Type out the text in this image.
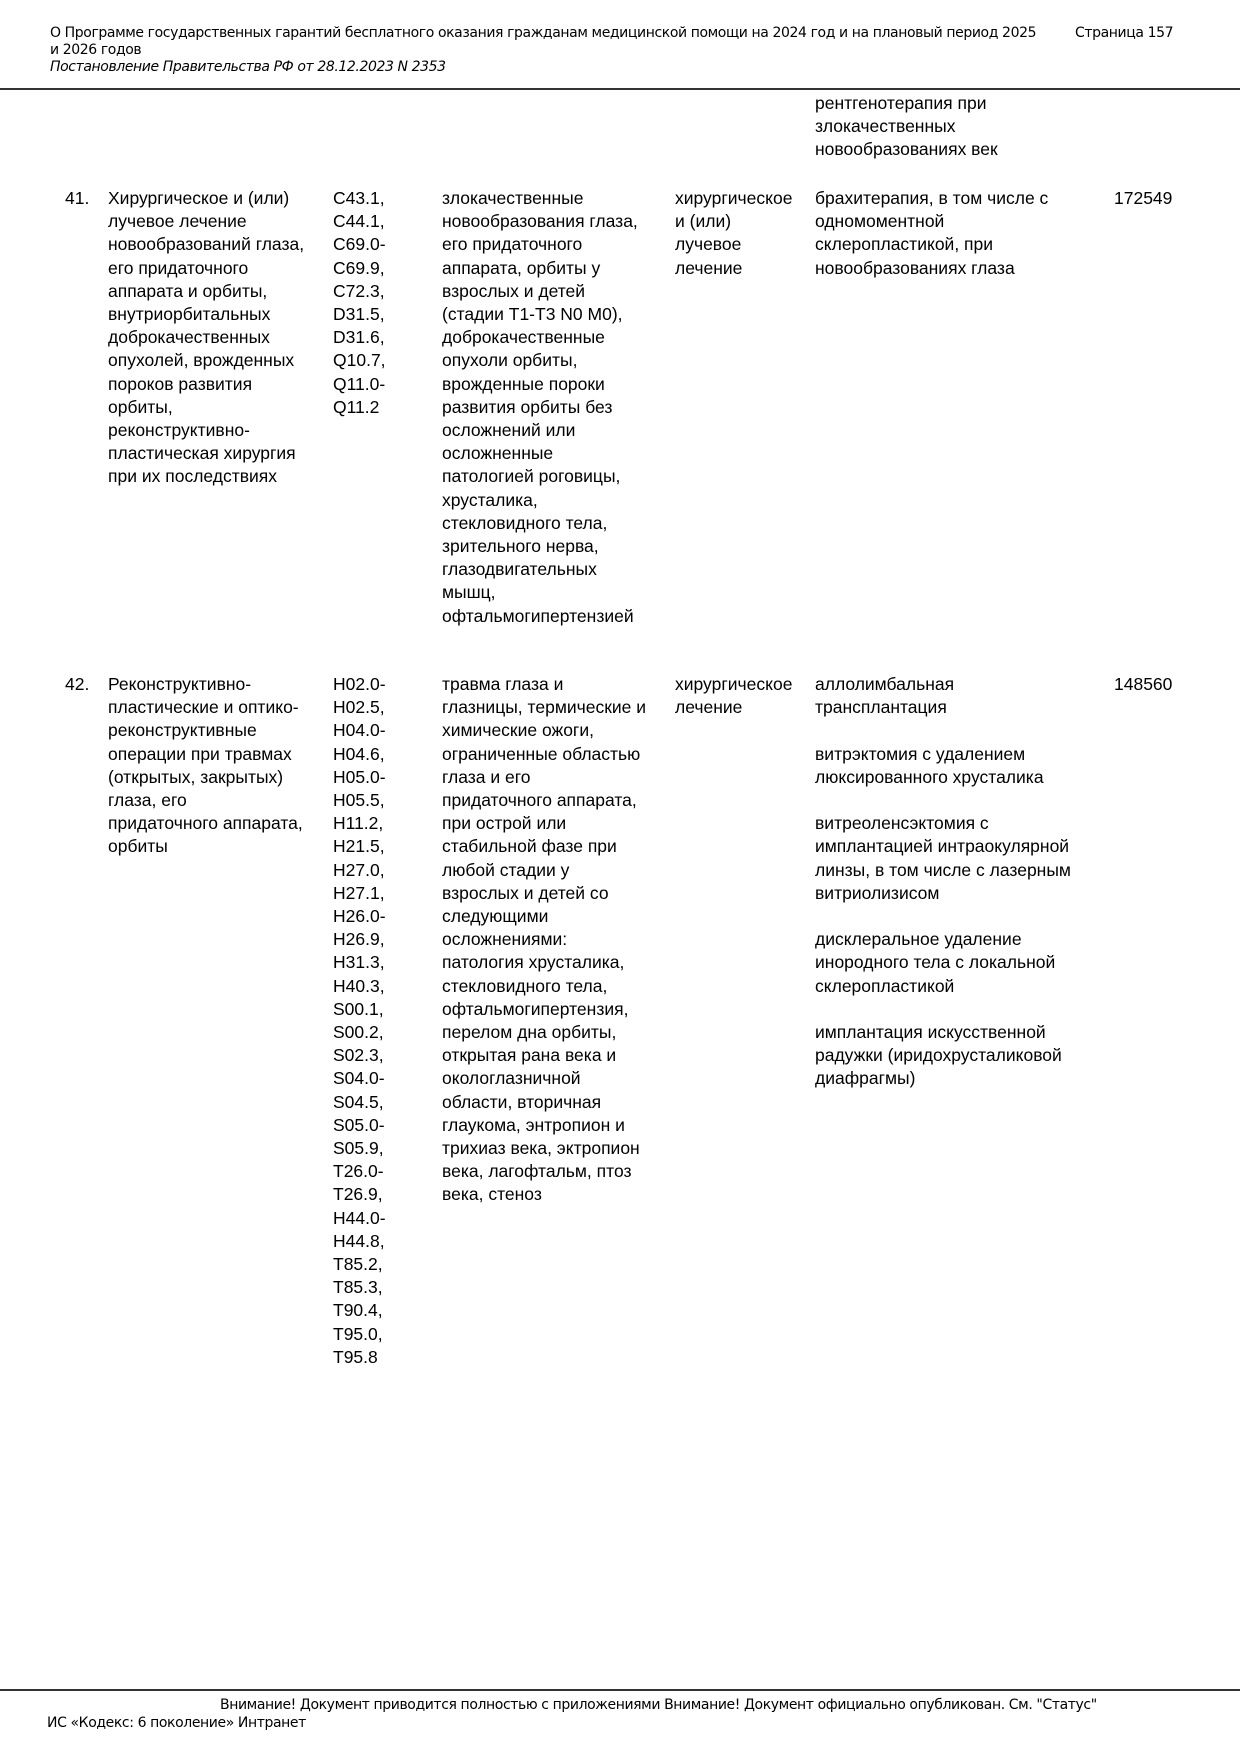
О Программе государственных гарантий бесплатного оказания гражданам медицинской помощи на 2024 год и на плановый период 2025 и 2026 годов
Постановление Правительства РФ от 28.12.2023 N 2353
Страница 157
рентгенотерапия при
злокачественных
новообразованиях век
41. Хирургическое и (или)
лучевое лечение
новообразований глаза,
его придаточного
аппарата и орбиты,
внутриорбитальных
доброкачественных
опухолей, врожденных
пороков развития
орбиты,
реконструктивно-
пластическая хирургия
при их последствиях
C43.1,
C44.1,
C69.0-
C69.9,
C72.3,
D31.5,
D31.6,
Q10.7,
Q11.0-
Q11.2
злокачественные
новообразования глаза,
его придаточного
аппарата, орбиты у
взрослых и детей
(стадии T1-T3 N0 M0),
доброкачественные
опухоли орбиты,
врожденные пороки
развития орбиты без
осложнений или
осложненные
патологией роговицы,
хрусталика,
стекловидного тела,
зрительного нерва,
глазодвигательных
мышц,
офтальмогипертензией
хирургическое
и (или)
лучевое
лечение
брахитерапия, в том числе с
одномоментной
склеропластикой, при
новообразованиях глаза
172549
42. Реконструктивно-
пластические и оптико-
реконструктивные
операции при травмах
(открытых, закрытых)
глаза, его
придаточного аппарата,
орбиты
H02.0-
H02.5,
H04.0-
H04.6,
H05.0-
H05.5,
H11.2,
H21.5,
H27.0,
H27.1,
H26.0-
H26.9,
H31.3,
H40.3,
S00.1,
S00.2,
S02.3,
S04.0-
S04.5,
S05.0-
S05.9,
T26.0-
T26.9,
H44.0-
H44.8,
T85.2,
T85.3,
T90.4,
T95.0,
T95.8
травма глаза и
глазницы, термические и
химические ожоги,
ограниченные областью
глаза и его
придаточного аппарата,
при острой или
стабильной фазе при
любой стадии у
взрослых и детей со
следующими
осложнениями:
патология хрусталика,
стекловидного тела,
офтальмогипертензия,
перелом дна орбиты,
открытая рана века и
окологлазничной
области, вторичная
глаукома, энтропион и
трихиаз века, эктропион
века, лагофтальм, птоз
века, стеноз
хирургическое
лечение
аллолимбальная
трансплантация

витрэктомия с удалением
люксированного хрусталика

витреоленсэктомия с
имплантацией интраокулярной
линзы, в том числе с лазерным
витриолизисом

дисклеральное удаление
инородного тела с локальной
склеропластикой

имплантация искусственной
радужки (иридохрусталиковой
диафрагмы)
148560
Внимание! Документ приводится полностью с приложениями Внимание! Документ официально опубликован. См. "Статус"
ИС «Кодекс: 6 поколение» Интранет
